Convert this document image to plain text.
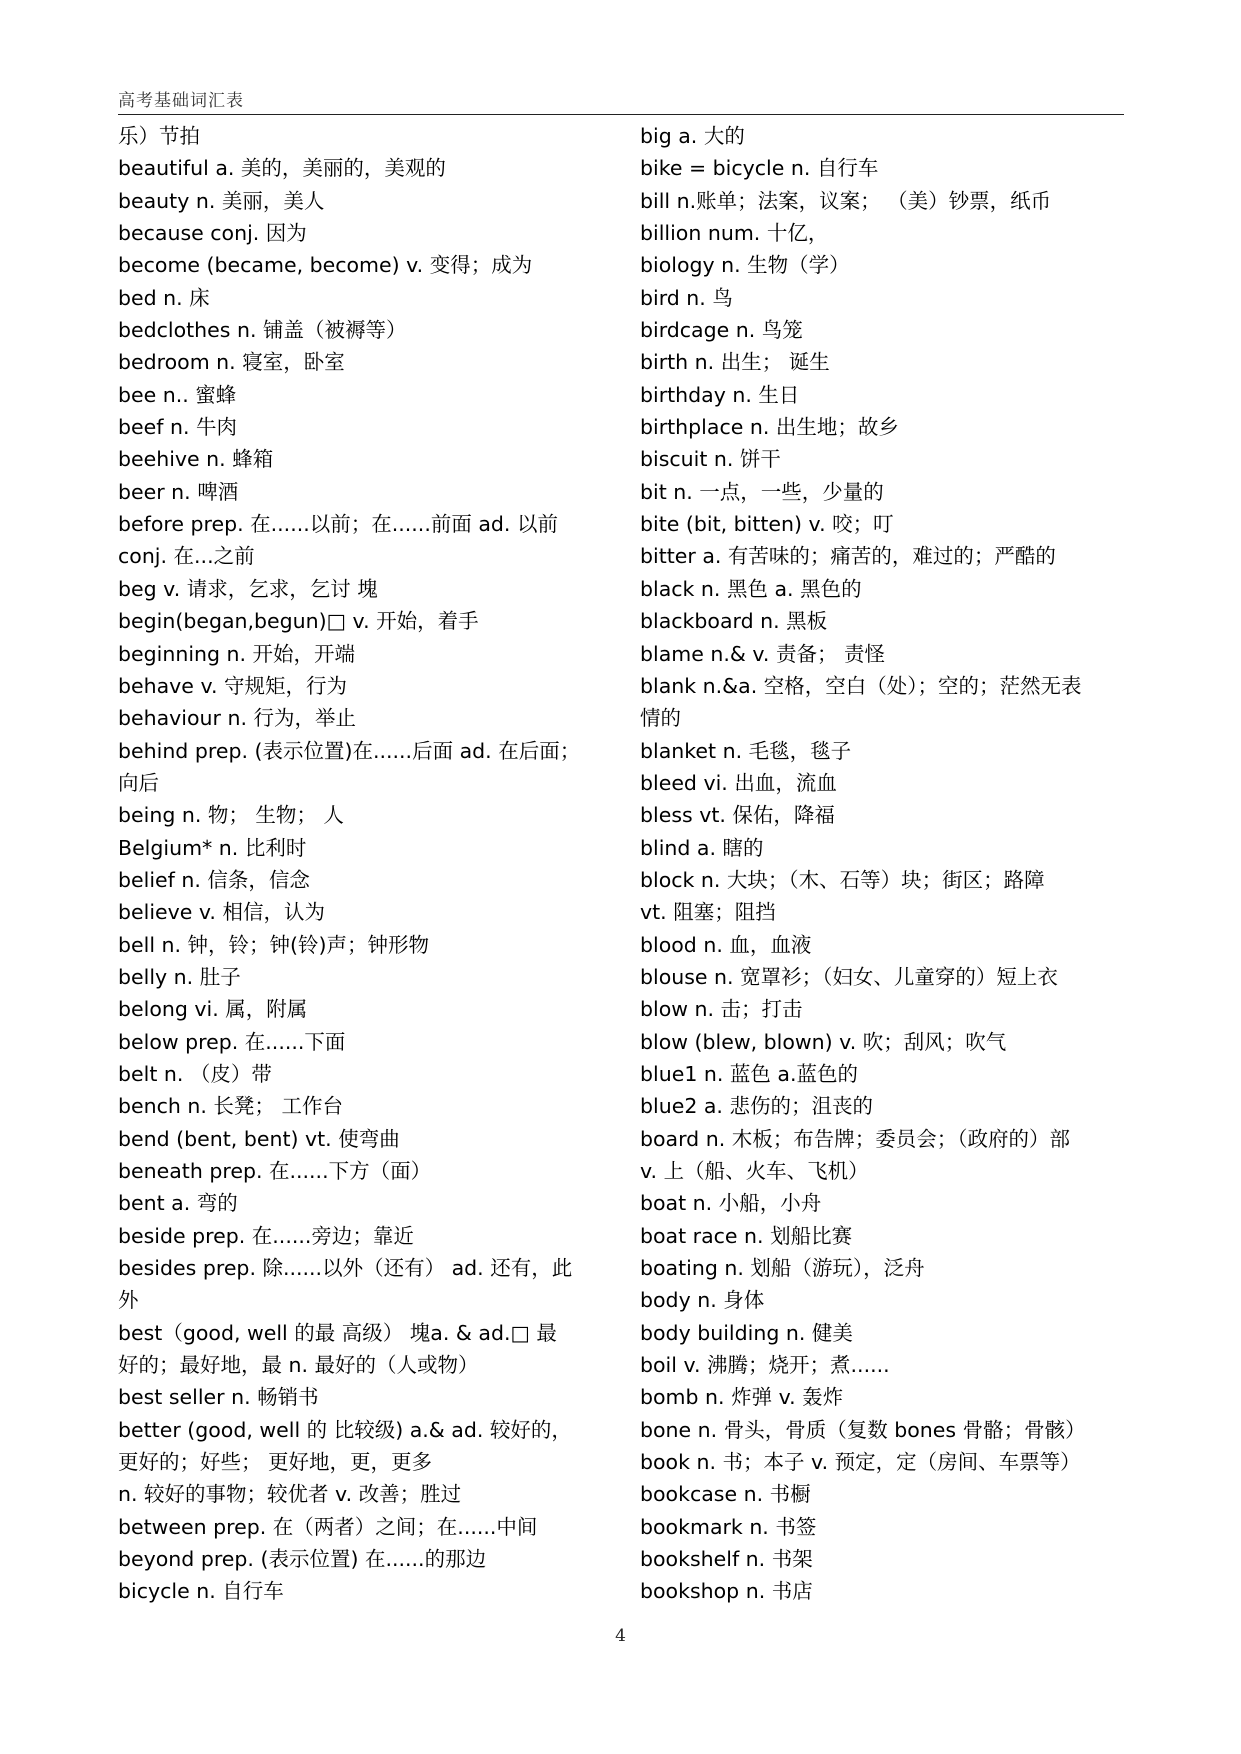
高考基础词汇表
乐）节拍
beautiful a. 美的，美丽的，美观的
beauty n. 美丽，美人
because conj. 因为
become (became, become) v. 变得；成为
bed n. 床
bedclothes n. 铺盖（被褥等）
bedroom n. 寝室，卧室
bee n.. 蜜蜂
beef n. 牛肉
beehive n. 蜂箱
beer n. 啤酒
before prep. 在......以前；在......前面 ad. 以前
conj. 在...之前
beg v. 请求，乞求，乞讨 塊
begin(began,begun)□ v. 开始，着手
beginning n. 开始，开端
behave v. 守规矩，行为
behaviour n. 行为，举止
behind prep. (表示位置)在......后面 ad. 在后面；
向后
being n. 物； 生物； 人
Belgium* n. 比利时
belief n. 信条，信念
believe v. 相信，认为
bell n. 钟，铃；钟(铃)声；钟形物
belly n. 肚子
belong vi. 属，附属
below prep. 在......下面
belt n. （皮）带
bench n. 长凳； 工作台
bend (bent, bent) vt. 使弯曲
beneath prep. 在......下方（面）
bent a. 弯的
beside prep. 在......旁边；靠近
besides prep. 除......以外（还有） ad. 还有，此
外
best（good, well 的最 高级） 塊a. & ad.□ 最
好的；最好地，最 n. 最好的（人或物）
best seller n. 畅销书
better (good, well 的 比较级) a.& ad. 较好的，
更好的；好些； 更好地，更，更多
n. 较好的事物；较优者 v. 改善；胜过
between prep. 在（两者）之间；在......中间
beyond prep. (表示位置) 在......的那边
bicycle n. 自行车
big a. 大的
bike = bicycle n. 自行车
bill n.账单；法案，议案； （美）钞票，纸币
billion num. 十亿，
biology n. 生物（学）
bird n. 鸟
birdcage n. 鸟笼
birth n. 出生； 诞生
birthday n. 生日
birthplace n. 出生地；故乡
biscuit n. 饼干
bit n. 一点，一些，少量的
bite (bit, bitten) v. 咬；叮
bitter a. 有苦味的；痛苦的，难过的；严酷的
black n. 黑色 a. 黑色的
blackboard n. 黑板
blame n.& v. 责备； 责怪
blank n.&a. 空格，空白（处）；空的；茫然无表
情的
blanket n. 毛毯，毯子
bleed vi. 出血，流血
bless vt. 保佑，降福
blind a. 瞎的
block n. 大块；（木、石等）块；街区；路障
vt. 阻塞；阻挡
blood n. 血，血液
blouse n. 宽罩衫；（妇女、儿童穿的）短上衣
blow n. 击；打击
blow (blew, blown) v. 吹；刮风；吹气
blue1 n. 蓝色 a.蓝色的
blue2 a. 悲伤的；沮丧的
board n. 木板；布告牌；委员会；（政府的）部
v. 上（船、火车、飞机）
boat n. 小船，小舟
boat race n. 划船比赛
boating n. 划船（游玩），泛舟
body n. 身体
body building n. 健美
boil v. 沸腾；烧开；煮......
bomb n. 炸弹 v. 轰炸
bone n. 骨头，骨质（复数 bones 骨骼；骨骸）
book n. 书；本子 v. 预定，定（房间、车票等）
bookcase n. 书橱
bookmark n. 书签
bookshelf n. 书架
bookshop n. 书店
4
